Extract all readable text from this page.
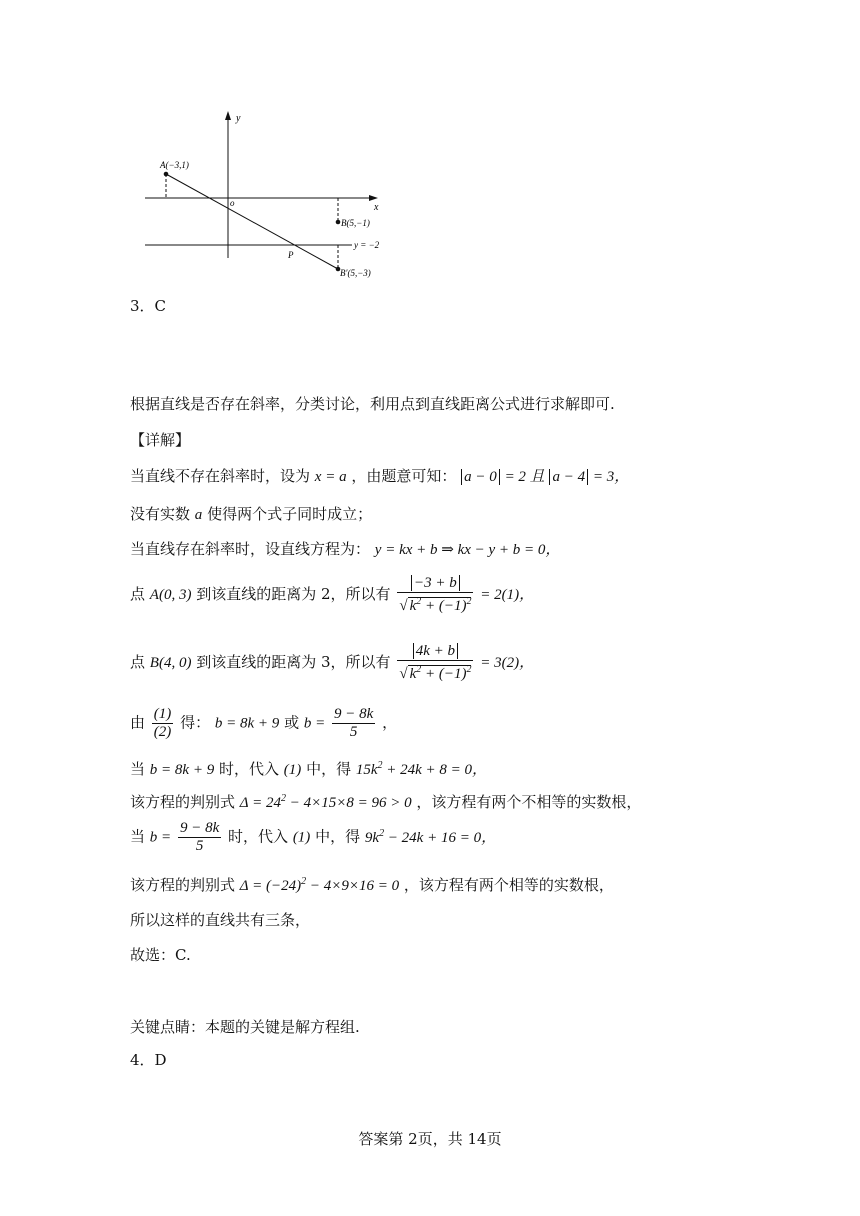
y
x
o
y = −2
A(−3,1)
B(5,−1)
P
B′(5,−3)
3．C
根据直线是否存在斜率，分类讨论，利用点到直线距离公式进行求解即可.
【详解】
当直线不存在斜率时，设为 x = a ，由题意可知： a − 0 = 2 且 a − 4 = 3，
没有实数 a 使得两个式子同时成立；
当直线存在斜率时，设直线方程为： y = kx + b ⇒ kx − y + b = 0，
点 A(0, 3) 到该直线的距离为 2，所以有 $\frac{-3 + b}{√ k^2 + (-1)^2} = 2(1)$，
点 B(4, 0) 到该直线的距离为 3，所以有 $\frac{4k + b}{√ k^2 + (-1)^2} = 3(2)$，
由 $\frac{(1)}{(2)}$ 得： b = 8k + 9 或 $b = \frac{9 - 8k}{5}$ ，
当 b = 8k + 9 时，代入 (1) 中，得 $15k^2 + 24k + 8 = 0$，
该方程的判别式 $\Delta = 24^2 - 4\times 15\times 8 = 96 > 0$ ，该方程有两个不相等的实数根，
当 $b = \frac{9 - 8k}{5}$ 时，代入 (1) 中，得 $9k^2 - 24k + 16 = 0$，
该方程的判别式 $\Delta = (-24)^2 - 4\times 9\times 16 = 0$ ，该方程有两个相等的实数根，
所以这样的直线共有三条，
故选：C.
关键点睛：本题的关键是解方程组.
4．D
答案第 2页，共 14页
